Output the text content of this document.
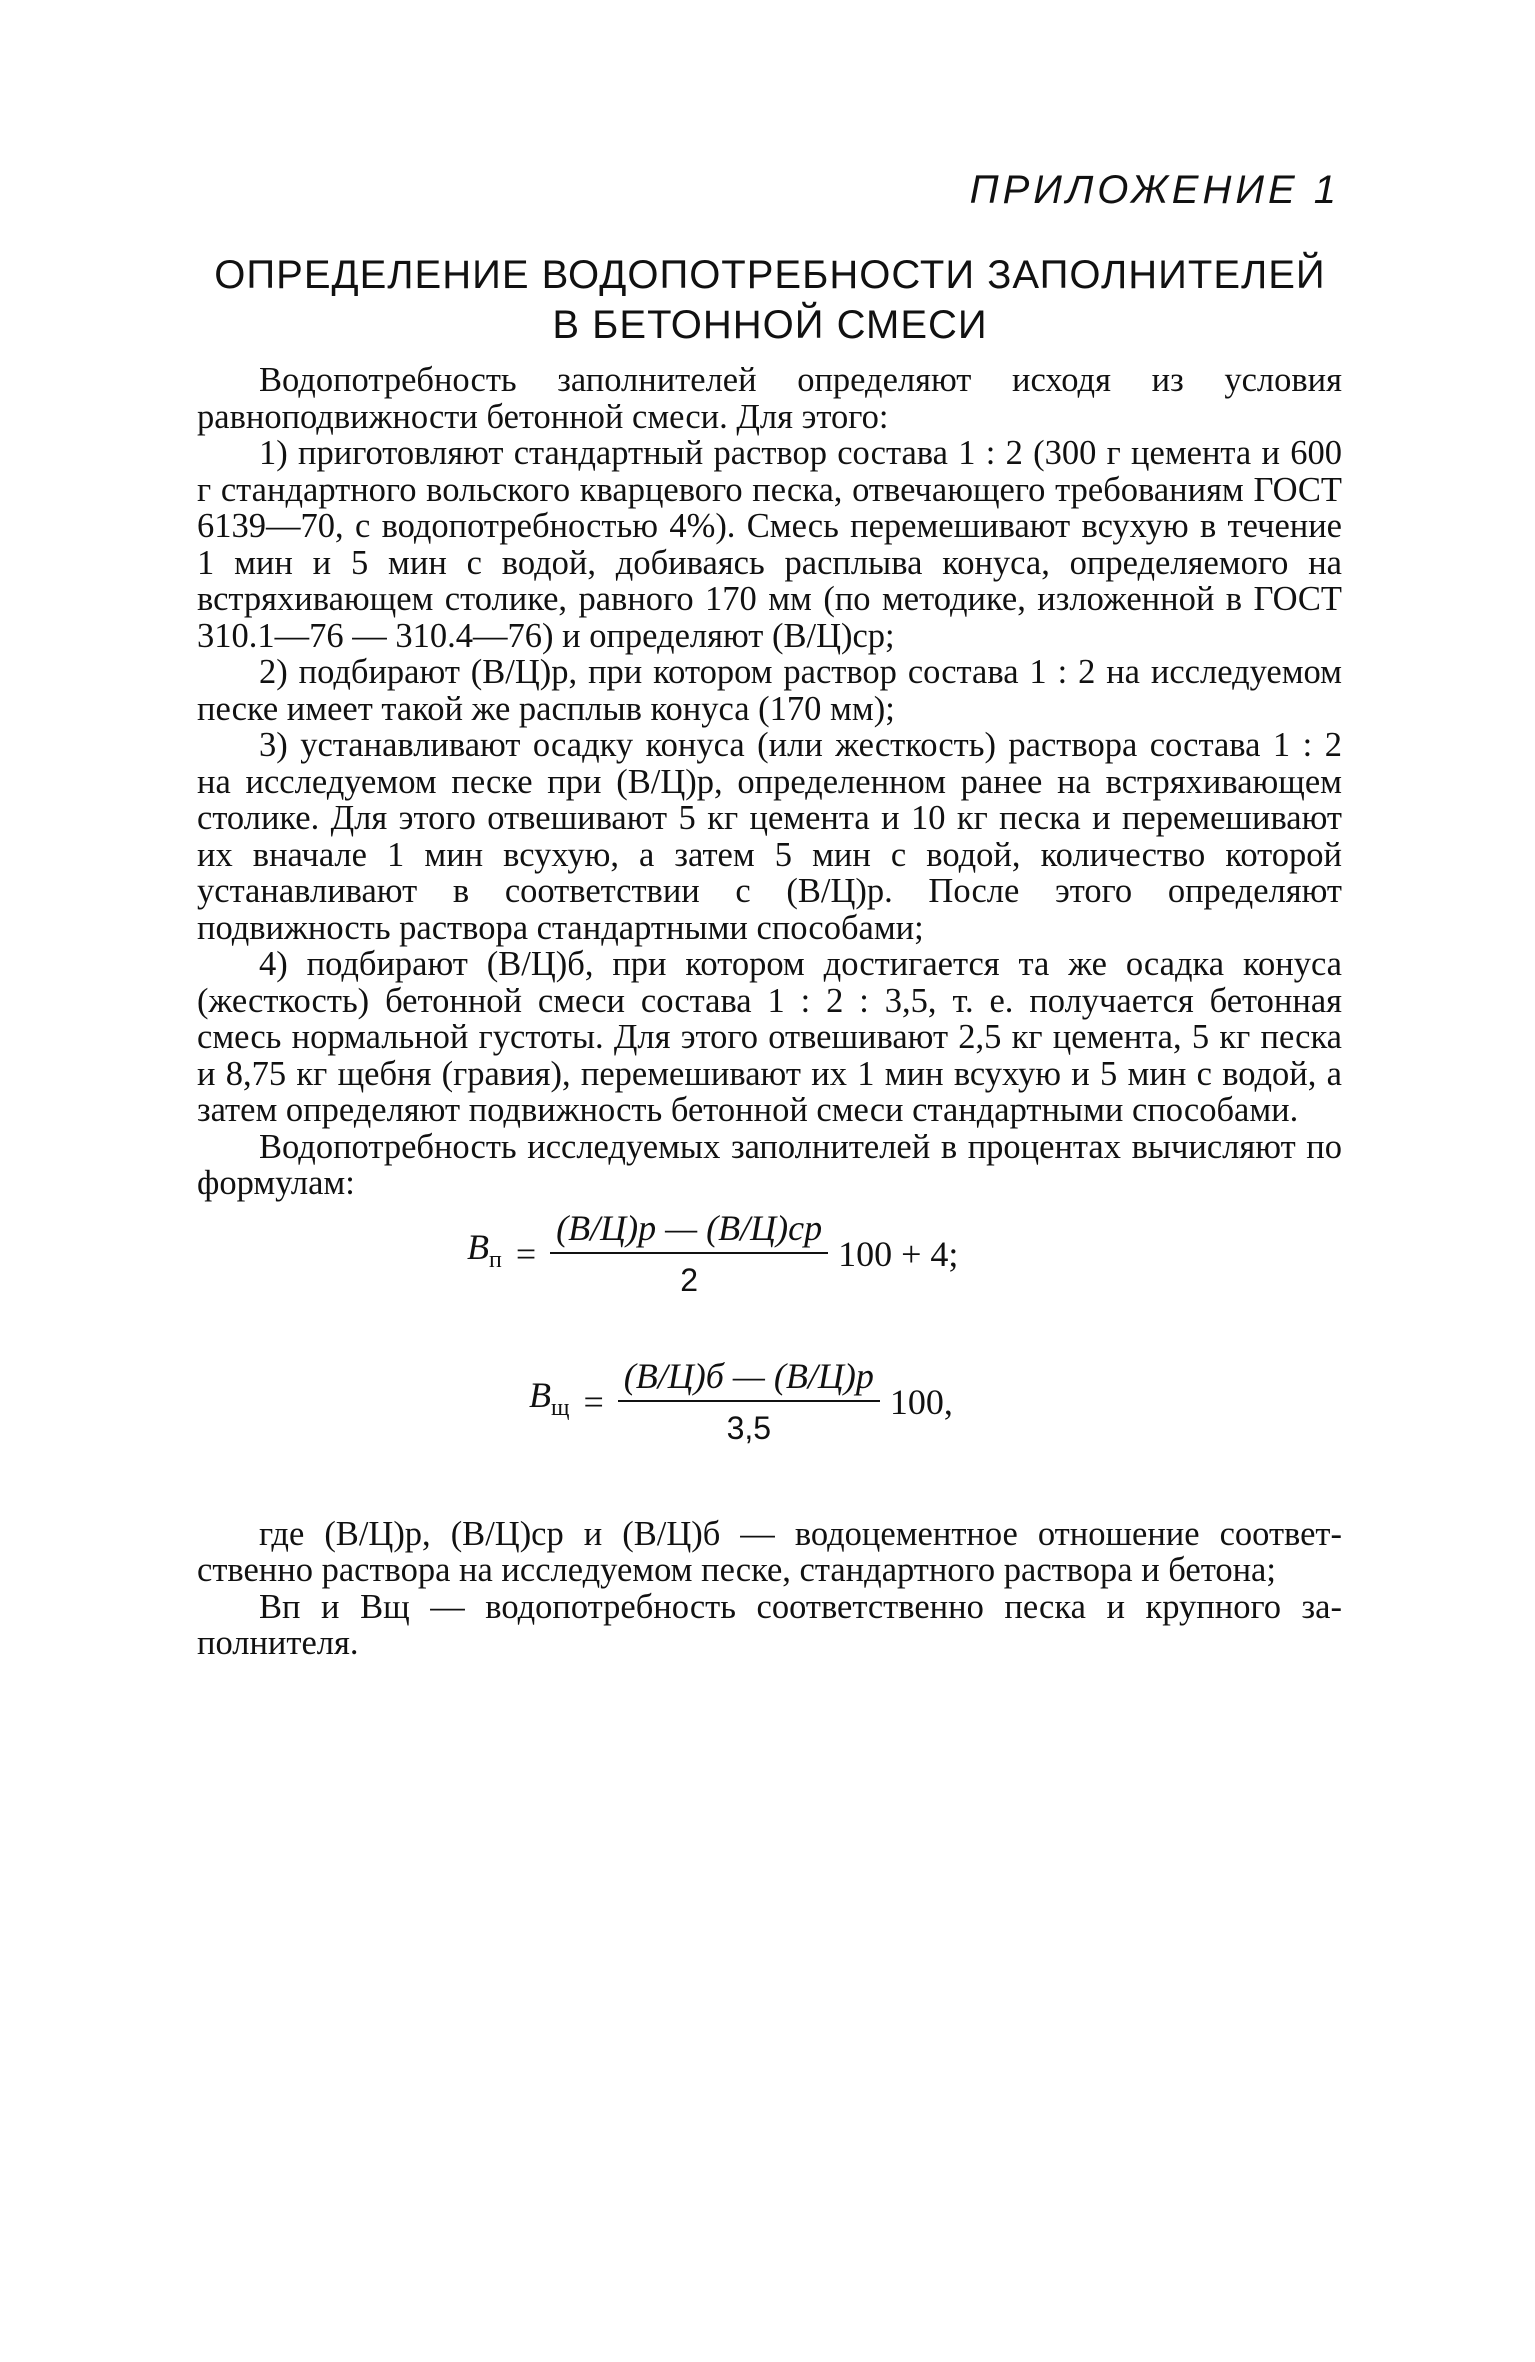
ПРИЛОЖЕНИЕ 1
ОПРЕДЕЛЕНИЕ ВОДОПОТРЕБНОСТИ ЗАПОЛНИТЕЛЕЙ
В БЕТОННОЙ СМЕСИ

Водопотребность заполнителей определяют исходя из условия равноподвижности бетонной смеси. Для этого:

1) приготовляют стандартный раствор состава 1 : 2 (300 г цемента и 600 г стандартного вольского кварцевого песка, отвечающего требованиям ГОСТ 6139—70, с водопотребностью 4%). Смесь перемешивают всухую в течение 1 мин и 5 мин с водой, добиваясь расплыва конуса, определяемого на встряхивающем столике, равного 170 мм (по методике, изложенной в ГОСТ 310.1—76 — 310.4—76) и определяют (В/Ц)ср;

2) подбирают (В/Ц)р, при котором раствор состава 1 : 2 на исследуемом песке имеет такой же расплыв конуса (170 мм);

3) устанавливают осадку конуса (или жесткость) раствора состава 1 : 2 на исследуемом песке при (В/Ц)р, определенном ранее на встряхивающем столике. Для этого отвешивают 5 кг цемента и 10 кг песка и перемешивают их вначале 1 мин всухую, а затем 5 мин с водой, количество которой устанавливают в соответствии с (В/Ц)р. После этого определяют подвижность раствора стандартными способами;

4) подбирают (В/Ц)б, при котором достигается та же осадка конуса (жесткость) бетонной смеси состава 1 : 2 : 3,5, т. е. получается бетонная смесь нормальной густоты. Для этого отвешивают 2,5 кг цемента, 5 кг песка и 8,75 кг щебня (гравия), перемешивают их 1 мин всухую и 5 мин с водой, а затем определяют подвижность бетонной смеси стандартными способами.

Водопотребность исследуемых заполнителей в процентах вычисляют по формулам:

$В_п = \frac{(В/Ц)р — (В/Ц)ср}{2} 100 + 4$;
$В_щ = \frac{(В/Ц)б — (В/Ц)р}{3,5} 100$,

где (В/Ц)р, (В/Ц)ср и (В/Ц)б — водоцементное отношение соответственно раствора на исследуемом песке, стандартного раствора и бетона;

Вп и Вщ — водопотребность соответственно песка и крупного заполнителя.
